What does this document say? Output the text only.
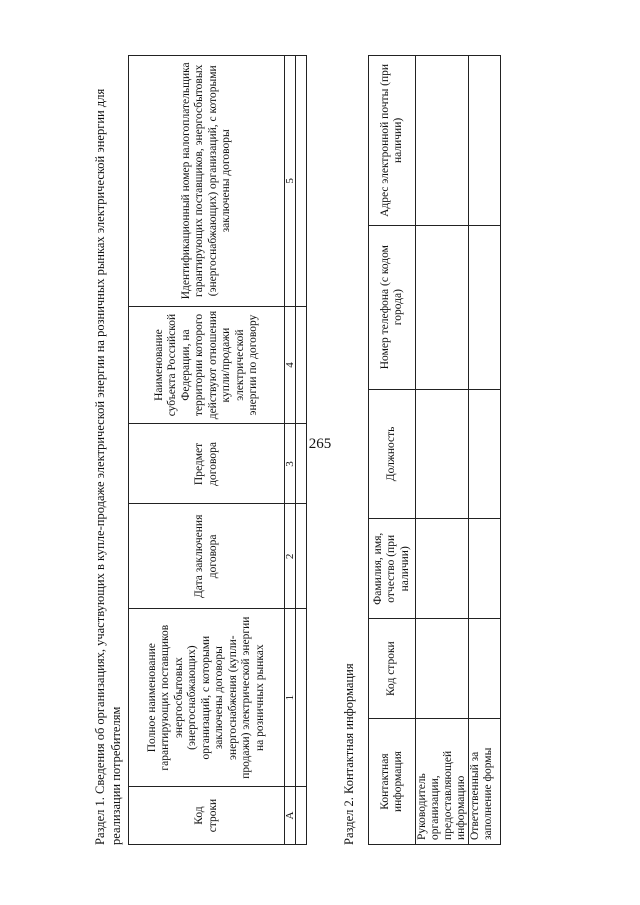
265
Раздел 1. Сведения об организациях, участвующих в купле-продаже электрической энергии на розничных рынках электрической энергии для реализации потребителям	Код строки	Полное наименование гарантирующих поставщиков энергосбытовых (энергоснабжающих) организаций, с которыми заключены договоры энергоснабжения (купли-продажи) электрической энергии на розничных рынках	Дата заключения договора	Предмет договора	Наименование субъекта Российской Федерации, на территории которого действуют отношения купли/продажи электрической энергии по договору	Идентификационный номер налогоплательщика гарантирующих поставщиков, энергосбытовых (энергоснабжающих) организаций, с которыми заключены договоры
А	1	2	3	4	5

Раздел 2. Контактная информация Контактная информация	Код строки	Фамилия, имя, отчество (при наличии)	Должность	Номер телефона (с кодом города)	Адрес электронной почты (при наличии)
Руководитель организации, предоставляющей информацию					
Ответственный за заполнение формы					
